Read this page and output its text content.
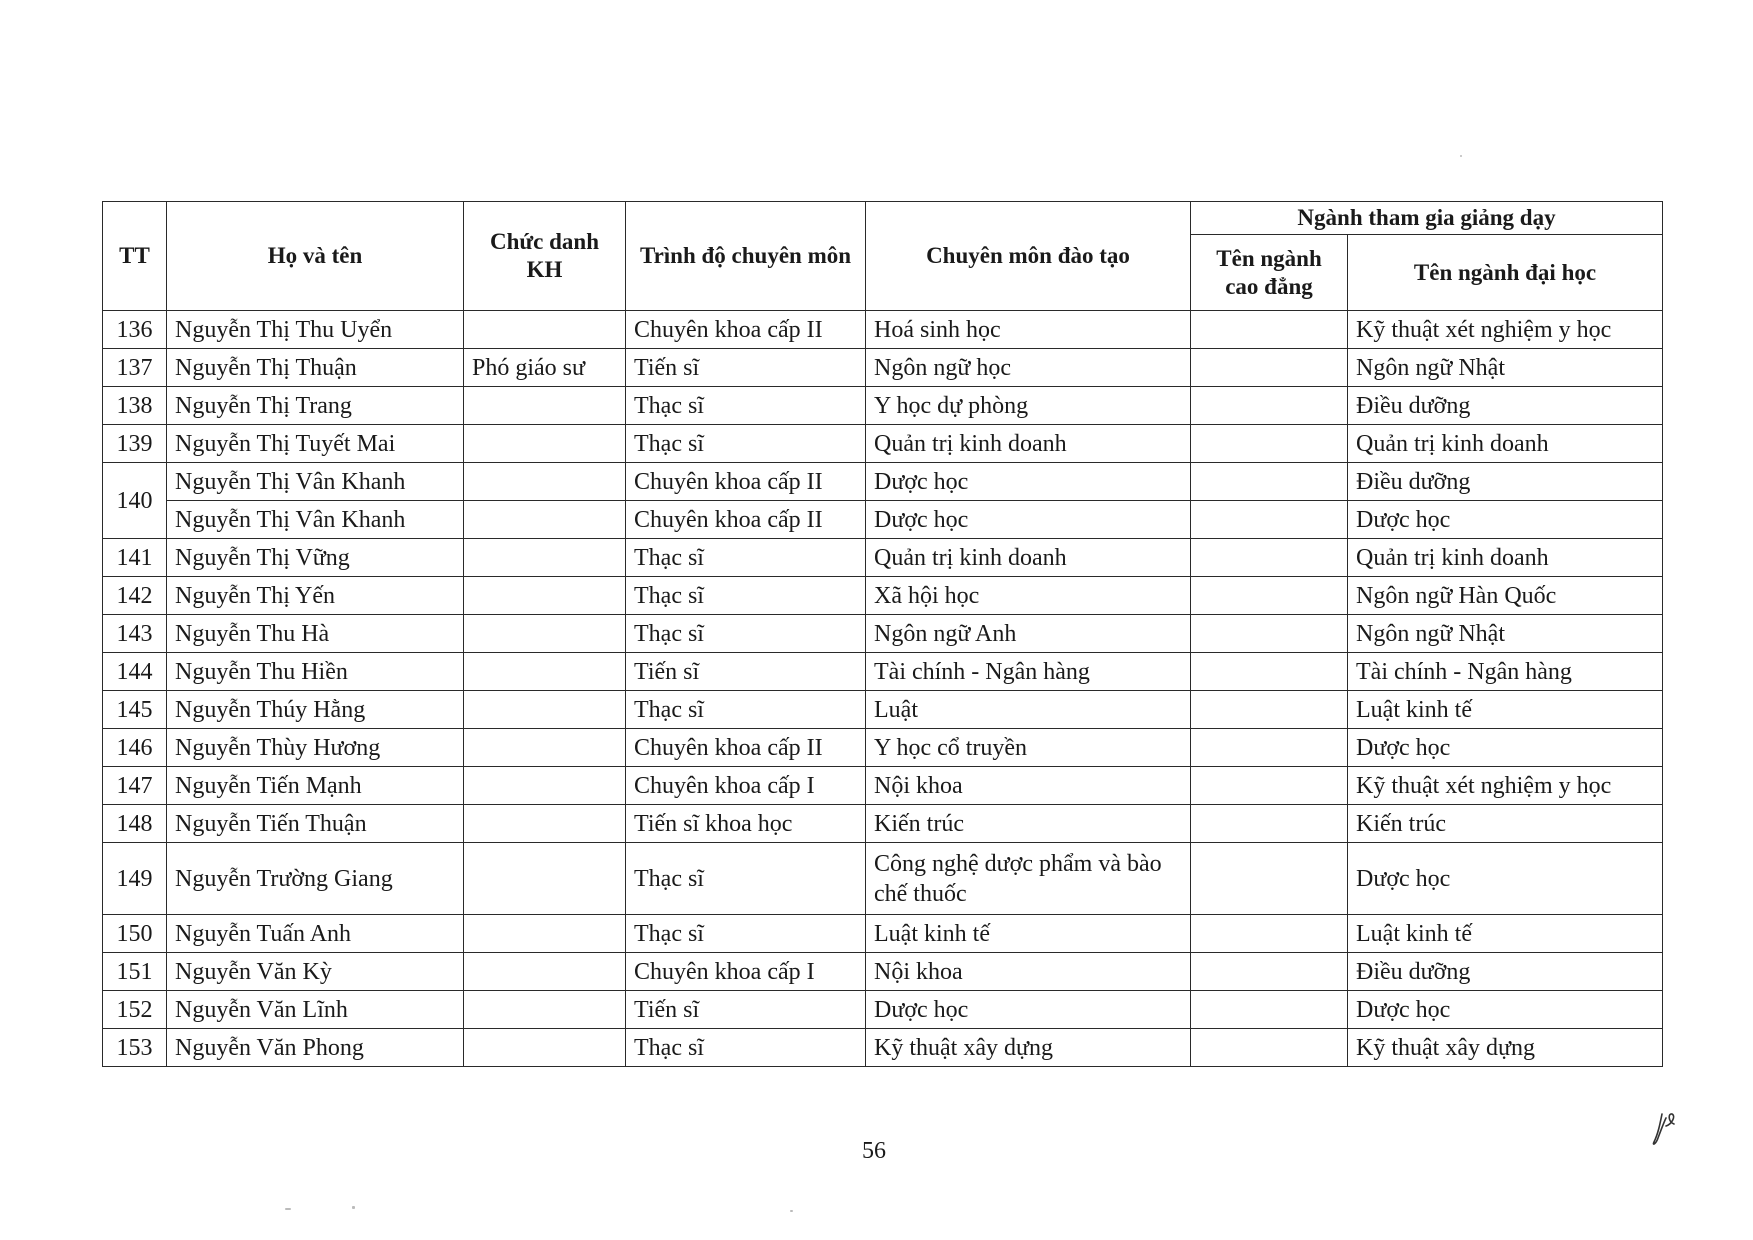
TT	Họ và tên	Chức danh KH	Trình độ chuyên môn	Chuyên môn đào tạo	Ngành tham gia giảng dạy	
					Tên ngành cao đẳng	Tên ngành đại học
136	Nguyễn Thị Thu Uyển		Chuyên khoa cấp II	Hoá sinh học		Kỹ thuật xét nghiệm y học
137	Nguyễn Thị Thuận	Phó giáo sư	Tiến sĩ	Ngôn ngữ học		Ngôn ngữ Nhật
138	Nguyễn Thị Trang		Thạc sĩ	Y học dự phòng		Điều dưỡng
139	Nguyễn Thị Tuyết Mai		Thạc sĩ	Quản trị kinh doanh		Quản trị kinh doanh
140	Nguyễn Thị Vân Khanh		Chuyên khoa cấp II	Dược học		Điều dưỡng
	Nguyễn Thị Vân Khanh		Chuyên khoa cấp II	Dược học		Dược học
141	Nguyễn Thị Vững		Thạc sĩ	Quản trị kinh doanh		Quản trị kinh doanh
142	Nguyễn Thị Yến		Thạc sĩ	Xã hội học		Ngôn ngữ Hàn Quốc
143	Nguyễn Thu Hà		Thạc sĩ	Ngôn ngữ Anh		Ngôn ngữ Nhật
144	Nguyễn Thu Hiền		Tiến sĩ	Tài chính - Ngân hàng		Tài chính - Ngân hàng
145	Nguyễn Thúy Hằng		Thạc sĩ	Luật		Luật kinh tế
146	Nguyễn Thùy Hương		Chuyên khoa cấp II	Y học cổ truyền		Dược học
147	Nguyễn Tiến Mạnh		Chuyên khoa cấp I	Nội khoa		Kỹ thuật xét nghiệm y học
148	Nguyễn Tiến Thuận		Tiến sĩ khoa học	Kiến trúc		Kiến trúc
149	Nguyễn Trường Giang		Thạc sĩ	Công nghệ dược phẩm và bào chế thuốc		Dược học
150	Nguyễn Tuấn Anh		Thạc sĩ	Luật kinh tế		Luật kinh tế
151	Nguyễn Văn Kỳ		Chuyên khoa cấp I	Nội khoa		Điều dưỡng
152	Nguyễn Văn Lĩnh		Tiến sĩ	Dược học		Dược học
153	Nguyễn Văn Phong		Thạc sĩ	Kỹ thuật xây dựng		Kỹ thuật xây dựng
56
